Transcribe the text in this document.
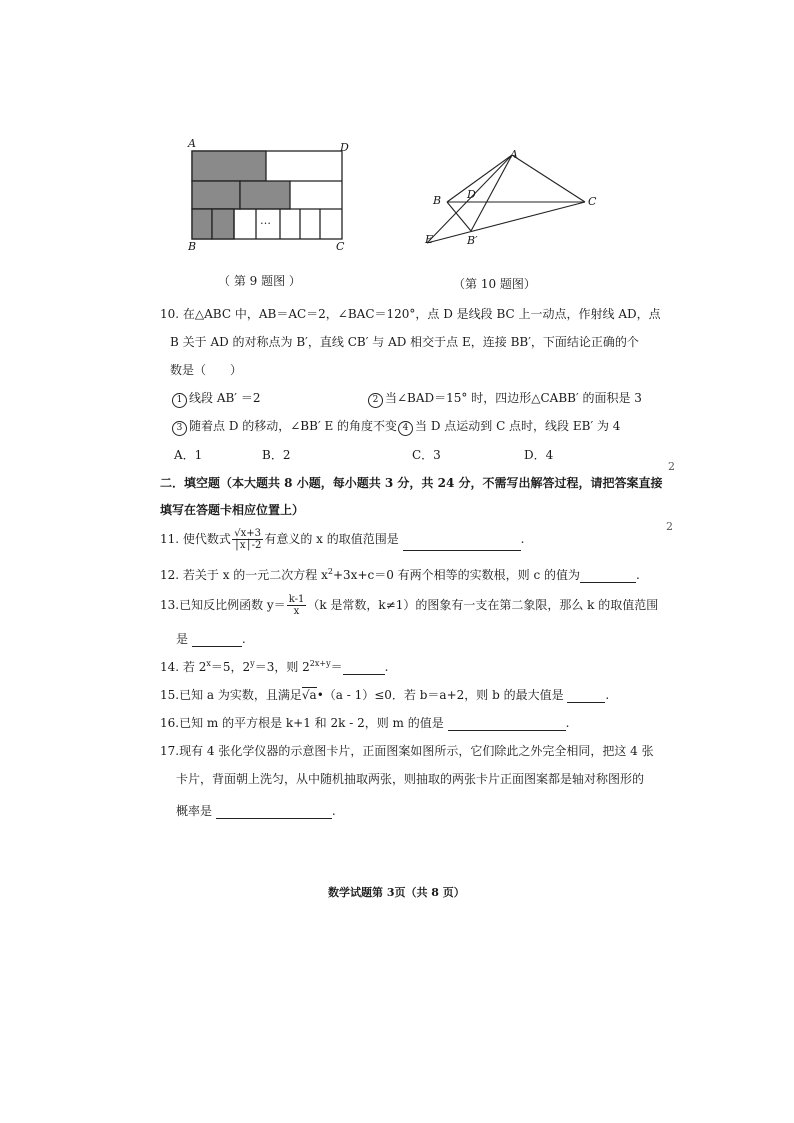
A	D
B	C
…
（ 第 9 题图 ）
A
B	C
D
E	B′
（第 10 题图）
10. 在△ABC 中，AB＝AC＝2，∠BAC＝120°，点 D 是线段 BC 上一动点，作射线 AD，点
B 关于 AD 的对称点为 B′，直线 CB′ 与 AD 相交于点 E，连接 BB′，下面结论正确的个
数是（　　）
1 线段 AB′ ＝2	2 当∠BAD＝15° 时，四边形△CABB′ 的面积是 3
3 随着点 D 的移动，∠BB′ E 的角度不变 4 当 D 点运动到 C 点时，线段 EB′ 为 4
A．1	B．2	C．3	D．4
二．填空题（本大题共 8 小题，每小题共 3 分，共 24 分，不需写出解答过程，请把答案直接
填写在答题卡相应位置上）
2
2
11. 使代数式 $\frac{√x+3}{│x│-2}$ 有意义的 x 的取值范围是	.
12. 若关于 x 的一元二次方程 $x^2+3x+c=0$ 有两个相等的实数根，则 c 的值为	.
13.已知反比例函数 $y= \frac{k-1}{x} (k$ 是常数，k≠1）的图象有一支在第二象限，那么 k 的取值范围
是	.
14. 若 $2^x=5$，$2^y=3$，则 $2^{2x+y}=$	.
15.已知 a 为实数，且满足√a•（a - 1）≤0．若 b＝a+2，则 b 的最大值是	.
16.已知 m 的平方根是 k+1 和 2k - 2，则 m 的值是	.
17.现有 4 张化学仪器的示意图卡片，正面图案如图所示，它们除此之外完全相同，把这 4 张
卡片，背面朝上洗匀，从中随机抽取两张，则抽取的两张卡片正面图案都是轴对称图形的
概率是	.
数学试题第 3页（共 8 页）
